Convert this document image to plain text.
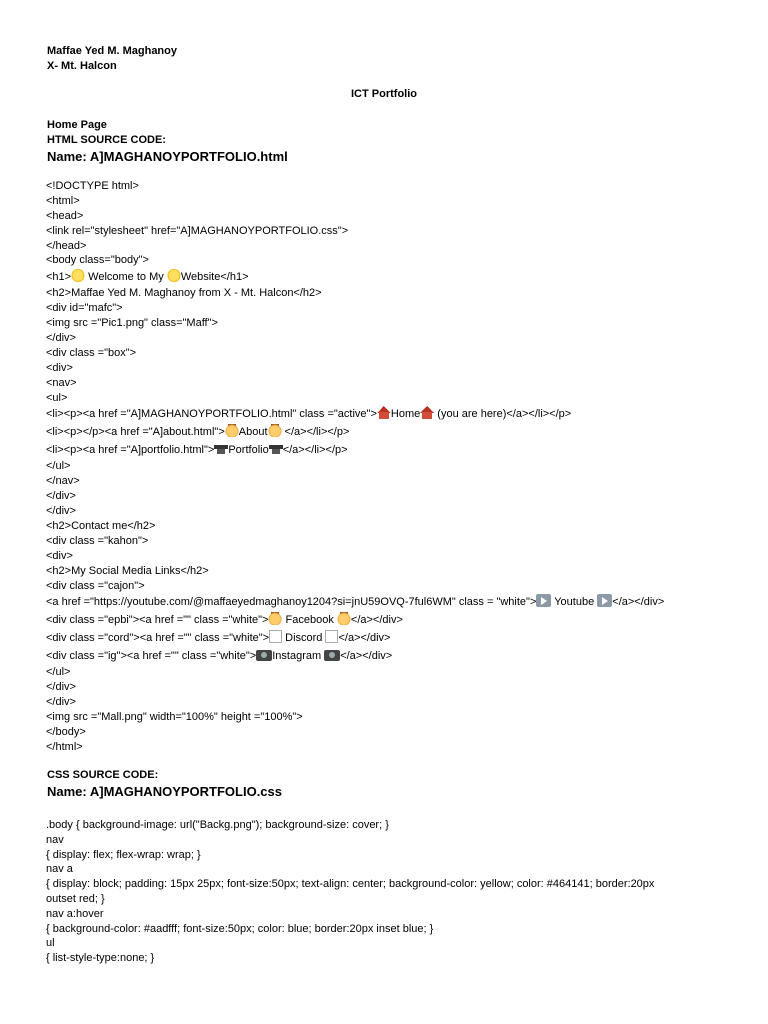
Maffae Yed M. Maghanoy
X- Mt. Halcon
ICT Portfolio
Home Page
HTML SOURCE CODE:
Name: A]MAGHANOYPORTFOLIO.html
<!DOCTYPE html>
<html>
<head>
<link rel="stylesheet" href="A]MAGHANOYPORTFOLIO.css">
</head>
<body class="body">
<h1> Welcome to My Website</h1>
<h2>Maffae Yed M. Maghanoy from X - Mt. Halcon</h2>
<div id="mafc">
<img src ="Pic1.png" class="Maff">
</div>
<div class ="box">
<div>
<nav>
<ul>
<li><p><a href ="A]MAGHANOYPORTFOLIO.html" class ="active"> Home (you are here)</a></li></p>
<li><p></p><a href ="A]about.html"> About </a></li></p>
<li><p><a href ="A]portfolio.html"> Portfolio </a></li></p>
</ul>
</nav>
</div>
</div>
<h2>Contact me</h2>
<div class ="kahon">
<div>
<h2>My Social Media Links</h2>
<div class ="cajon">
<a href ="https://youtube.com/@maffaeyedmaghanoy1204?si=jnU59OVQ-7ful6WM" class = "white"> Youtube </a></div>
<div class ="epbi"><a href ="" class ="white"> Facebook </a></div>
<div class ="cord"><a href ="" class ="white"> Discord </a></div>
<div class ="ig"><a href ="" class ="white"> Instagram </a></div>
</ul>
</div>
</div>
<img src ="Mall.png" width="100%" height ="100%">
</body>
</html>
CSS SOURCE CODE:
Name: A]MAGHANOYPORTFOLIO.css
.body { background-image: url("Backg.png"); background-size: cover; }
nav
{ display: flex; flex-wrap: wrap; }
nav a
{ display: block; padding: 15px 25px; font-size:50px; text-align: center; background-color: yellow; color: #464141; border:20px
outset red; }
nav a:hover
{ background-color: #aadfff; font-size:50px; color: blue; border:20px inset blue; }
ul
{ list-style-type:none; }
